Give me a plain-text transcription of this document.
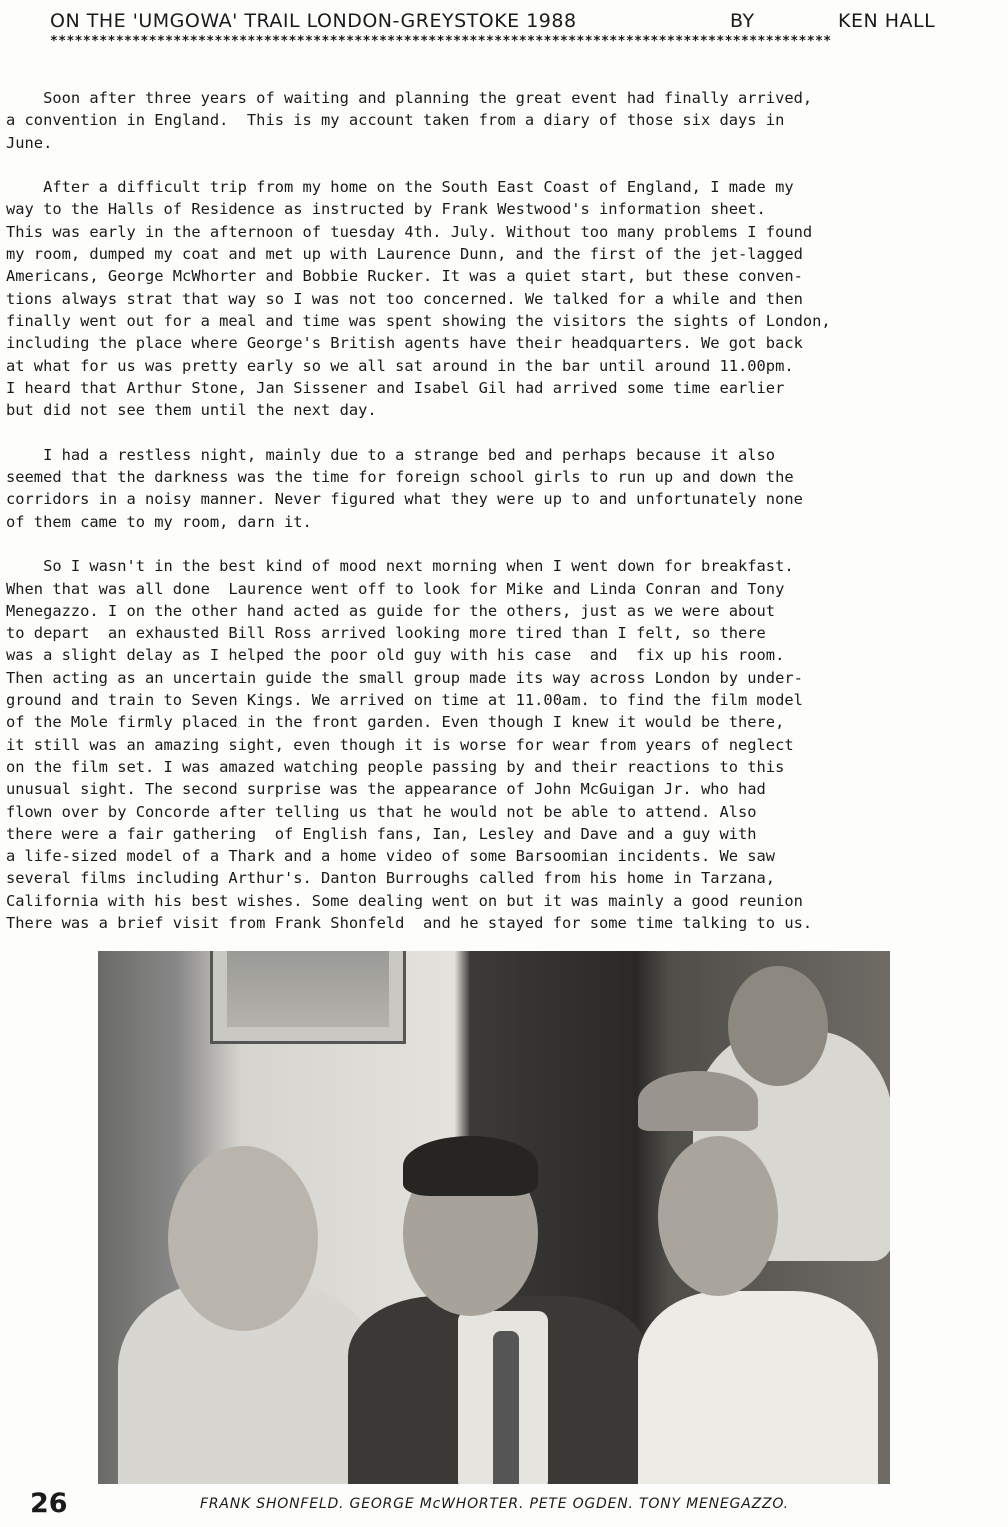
ON THE 'UMGOWA' TRAIL LONDON-GREYSTOKE 1988	BY	KEN HALL
***********************************************************************************************
Soon after three years of waiting and planning the great event had finally arrived,
a convention in England.  This is my account taken from a diary of those six days in
June.
After a difficult trip from my home on the South East Coast of England, I made my
way to the Halls of Residence as instructed by Frank Westwood's information sheet.
This was early in the afternoon of tuesday 4th. July. Without too many problems I found
my room, dumped my coat and met up with Laurence Dunn, and the first of the jet-lagged
Americans, George McWhorter and Bobbie Rucker. It was a quiet start, but these conven-
tions always strat that way so I was not too concerned. We talked for a while and then
finally went out for a meal and time was spent showing the visitors the sights of London,
including the place where George's British agents have their headquarters. We got back
at what for us was pretty early so we all sat around in the bar until around 11.00pm.
I heard that Arthur Stone, Jan Sissener and Isabel Gil had arrived some time earlier
but did not see them until the next day.
I had a restless night, mainly due to a strange bed and perhaps because it also
seemed that the darkness was the time for foreign school girls to run up and down the
corridors in a noisy manner. Never figured what they were up to and unfortunately none
of them came to my room, darn it.
So I wasn't in the best kind of mood next morning when I went down for breakfast.
When that was all done  Laurence went off to look for Mike and Linda Conran and Tony
Menegazzo. I on the other hand acted as guide for the others, just as we were about
to depart  an exhausted Bill Ross arrived looking more tired than I felt, so there
was a slight delay as I helped the poor old guy with his case  and  fix up his room.
Then acting as an uncertain guide the small group made its way across London by under-
ground and train to Seven Kings. We arrived on time at 11.00am. to find the film model
of the Mole firmly placed in the front garden. Even though I knew it would be there,
it still was an amazing sight, even though it is worse for wear from years of neglect
on the film set. I was amazed watching people passing by and their reactions to this
unusual sight. The second surprise was the appearance of John McGuigan Jr. who had
flown over by Concorde after telling us that he would not be able to attend. Also
there were a fair gathering  of English fans, Ian, Lesley and Dave and a guy with
a life-sized model of a Thark and a home video of some Barsoomian incidents. We saw
several films including Arthur's. Danton Burroughs called from his home in Tarzana,
California with his best wishes. Some dealing went on but it was mainly a good reunion
There was a brief visit from Frank Shonfeld  and he stayed for some time talking to us.
26	FRANK SHONFELD. GEORGE McWHORTER. PETE OGDEN. TONY MENEGAZZO.
